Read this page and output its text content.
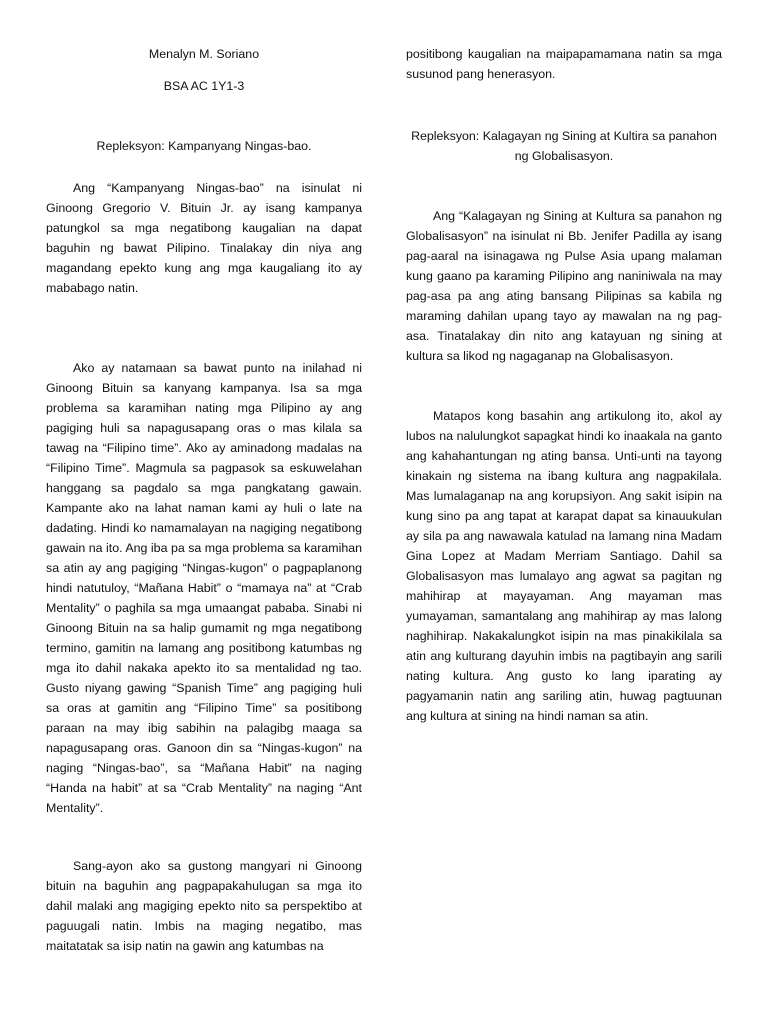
Menalyn M. Soriano
BSA AC 1Y1-3
Repleksyon: Kampanyang Ningas-bao.

Ang “Kampanyang Ningas-bao” na isinulat ni Ginoong Gregorio V. Bituin Jr. ay isang kampanya patungkol sa mga negatibong kaugalian na dapat baguhin ng bawat Pilipino. Tinalakay din niya ang magandang epekto kung ang mga kaugaliang ito ay mababago natin.

Ako ay natamaan sa bawat punto na inilahad ni Ginoong Bituin sa kanyang kampanya. Isa sa mga problema sa karamihan nating mga Pilipino ay ang pagiging huli sa napagusapang oras o mas kilala sa tawag na “Filipino time”. Ako ay aminadong madalas na “Filipino Time”. Magmula sa pagpasok sa eskuwelahan hanggang sa pagdalo sa mga pangkatang gawain. Kampante ako na lahat naman kami ay huli o late na dadating. Hindi ko namamalayan na nagiging negatibong gawain na ito. Ang iba pa sa mga problema sa karamihan sa atin ay ang pagiging “Ningas-kugon” o pagpaplanong hindi natutuloy, “Mañana Habit” o “mamaya na” at “Crab Mentality” o paghila sa mga umaangat pababa. Sinabi ni Ginoong Bituin na sa halip gumamit ng mga negatibong termino, gamitin na lamang ang positibong katumbas ng mga ito dahil nakaka apekto ito sa mentalidad ng tao. Gusto niyang gawing “Spanish Time” ang pagiging huli sa oras at gamitin ang “Filipino Time” sa positibong paraan na may ibig sabihin na palagibg maaga sa napagusapang oras. Ganoon din sa “Ningas-kugon” na naging “Ningas-bao”, sa “Mañana Habit” na naging “Handa na habit” at sa “Crab Mentality” na naging “Ant Mentality”.

Sang-ayon ako sa gustong mangyari ni Ginoong bituin na baguhin ang pagpapakahulugan sa mga ito dahil malaki ang magiging epekto nito sa perspektibo at paguugali natin. Imbis na maging negatibo, mas maitatatak sa isip natin na gawin ang katumbas na

positibong kaugalian na maipapamamana natin sa mga susunod pang henerasyon.

Repleksyon: Kalagayan ng Sining at Kultira sa panahon ng Globalisasyon.

Ang “Kalagayan ng Sining at Kultura sa panahon ng Globalisasyon” na isinulat ni Bb. Jenifer Padilla ay isang pag-aaral na isinagawa ng Pulse Asia upang malaman kung gaano pa karaming Pilipino ang naniniwala na may pag-asa pa ang ating bansang Pilipinas sa kabila ng maraming dahilan upang tayo ay mawalan na ng pag-asa. Tinatalakay din nito ang katayuan ng sining at kultura sa likod ng nagaganap na Globalisasyon.

Matapos kong basahin ang artikulong ito, akol ay lubos na nalulungkot sapagkat hindi ko inaakala na ganto ang kahahantungan ng ating bansa. Unti-unti na tayong kinakain ng sistema na ibang kultura ang nagpakilala. Mas lumalaganap na ang korupsiyon. Ang sakit isipin na kung sino pa ang tapat at karapat dapat sa kinauukulan ay sila pa ang nawawala katulad na lamang nina Madam Gina Lopez at Madam Merriam Santiago. Dahil sa Globalisasyon mas lumalayo ang agwat sa pagitan ng mahihirap at mayayaman. Ang mayaman mas yumayaman, samantalang ang mahihirap ay mas lalong naghihirap. Nakakalungkot isipin na mas pinakikilala sa atin ang kulturang dayuhin imbis na pagtibayin ang sarili nating kultura. Ang gusto ko lang iparating ay pagyamanin natin ang sariling atin, huwag pagtuunan ang kultura at sining na hindi naman sa atin.
